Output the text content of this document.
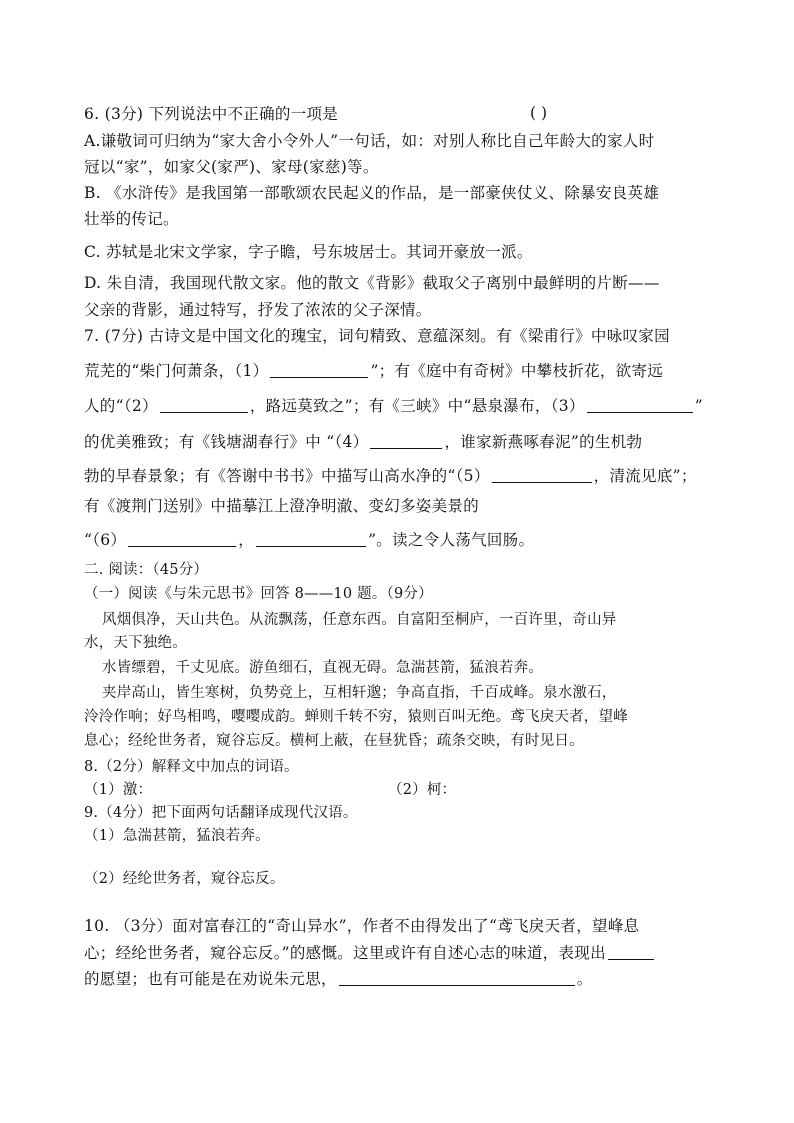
6. (3分) 下列说法中不正确的一项是	( )
A.谦敬词可归纳为“家大舍小令外人”一句话，如：对别人称比自己年龄大的家人时
冠以“家”，如家父(家严)、家母(家慈)等。
B. 《水浒传》是我国第一部歌颂农民起义的作品，是一部豪侠仗义、除暴安良英雄
壮举的传记。
C. 苏轼是北宋文学家，字子瞻，号东坡居士。其词开豪放一派。
D. 朱自清，我国现代散文家。他的散文《背影》截取父子离别中最鲜明的片断——
父亲的背影，通过特写，抒发了浓浓的父子深情。
7. (7分) 古诗文是中国文化的瑰宝，词句精致、意蕴深刻。有《梁甫行》中咏叹家园
荒芜的“柴门何萧条，（1）	”；有《庭中有奇树》中攀枝折花，欲寄远
人的“（2）	，路远莫致之”；有《三峡》中“悬泉瀑布，（3）	”
的优美雅致；有《钱塘湖春行》中 “（4）	，谁家新燕啄春泥”的生机勃
勃的早春景象；有《答谢中书书》中描写山高水净的“（5）	，清流见底”；
有《渡荆门送别》中描摹江上澄净明澈、变幻多姿美景的
“（6）	，	”。读之令人荡气回肠。
二. 阅读：（45分）
（一）阅读《与朱元思书》回答 8——10 题。（9分）
风烟俱净，天山共色。从流飘荡，任意东西。自富阳至桐庐，一百许里，奇山异
水，天下独绝。
水皆缥碧，千丈见底。游鱼细石，直视无碍。急湍甚箭，猛浪若奔。
夹岸高山，皆生寒树，负势竞上，互相轩邈；争高直指，千百成峰。泉水激石，
泠泠作响；好鸟相鸣，嘤嘤成韵。蝉则千转不穷，猿则百叫无绝。鸢飞戾天者，望峰
息心；经纶世务者，窥谷忘反。横柯上蔽，在昼犹昏；疏条交映，有时见日。
8.（2分）解释文中加点的词语。
（1）激：	（2）柯：
9.（4分）把下面两句话翻译成现代汉语。
（1）急湍甚箭，猛浪若奔。
（2）经纶世务者，窥谷忘反。
10. （3分）面对富春江的“奇山异水”，作者不由得发出了“鸢飞戾天者，望峰息
心；经纶世务者，窥谷忘反。”的感慨。这里或许有自述心志的味道，表现出
的愿望；也有可能是在劝说朱元思，	。
